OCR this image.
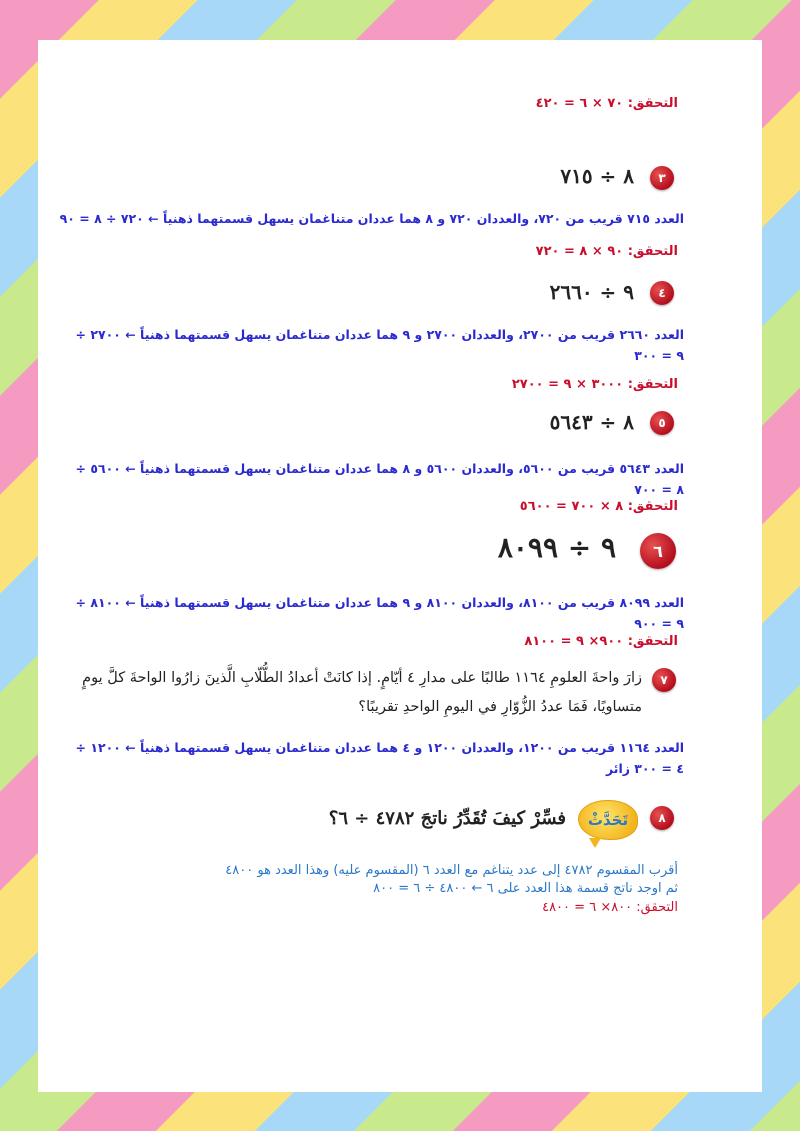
التحقق: ٧٠ × ٦ = ٤٢٠
٣
٨ ÷ ٧١٥
العدد ٧١٥ قريب من ٧٢٠، والعددان ٧٢٠ و ٨ هما عددان متناغمان يسهل قسمتهما ذهنياً ← ٧٢٠ ÷ ٨ = ٩٠
التحقق: ٩٠ × ٨ = ٧٢٠
٤
٩ ÷ ٢٦٦٠
العدد ٢٦٦٠ قريب من ٢٧٠٠، والعددان ٢٧٠٠ و ٩ هما عددان متناغمان يسهل قسمتهما ذهنياً ← ٢٧٠٠ ÷ ٩ = ٣٠٠
التحقق: ٣٠٠٠ × ٩ = ٢٧٠٠
٥
٨ ÷ ٥٦٤٣
العدد ٥٦٤٣ قريب من ٥٦٠٠، والعددان ٥٦٠٠ و ٨ هما عددان متناغمان يسهل قسمتهما ذهنياً ← ٥٦٠٠ ÷ ٨ = ٧٠٠
التحقق: ٨ × ٧٠٠ = ٥٦٠٠
٦
٩ ÷ ٨٠٩٩
العدد ٨٠٩٩ قريب من ٨١٠٠، والعددان ٨١٠٠ و ٩ هما عددان متناغمان يسهل قسمتهما ذهنياً ← ٨١٠٠ ÷ ٩ = ٩٠٠
التحقق: ٩٠٠× ٩ = ٨١٠٠
٧
زارَ واحةَ العلومِ ١١٦٤ طالبًا على مدارِ ٤ أيّامٍ. إذا كانَتْ أعدادُ الطُّلّابِ الَّذينَ زارُوا الواحةَ كلَّ يومٍ متساويًا، فَمَا عددُ الزُّوّارِ في اليومِ الواحدِ تقريبًا؟
العدد ١١٦٤ قريب من ١٢٠٠، والعددان ١٢٠٠ و ٤ هما عددان متناغمان يسهل قسمتهما ذهنياً ← ١٢٠٠ ÷ ٤ = ٣٠٠ زائر
٨
تَحَدَّثْ
فسِّرْ كيفَ تُقَدِّرُ ناتجَ ٤٧٨٢ ÷ ٦؟
أقرب المقسوم ٤٧٨٢ إلى عدد يتناغم مع العدد ٦ (المقسوم عليه) وهذا العدد هو ٤٨٠٠
ثم اوجد ناتج قسمة هذا العدد على ٦ ← ٤٨٠٠ ÷ ٦ = ٨٠٠
التحقق: ٨٠٠× ٦ = ٤٨٠٠
